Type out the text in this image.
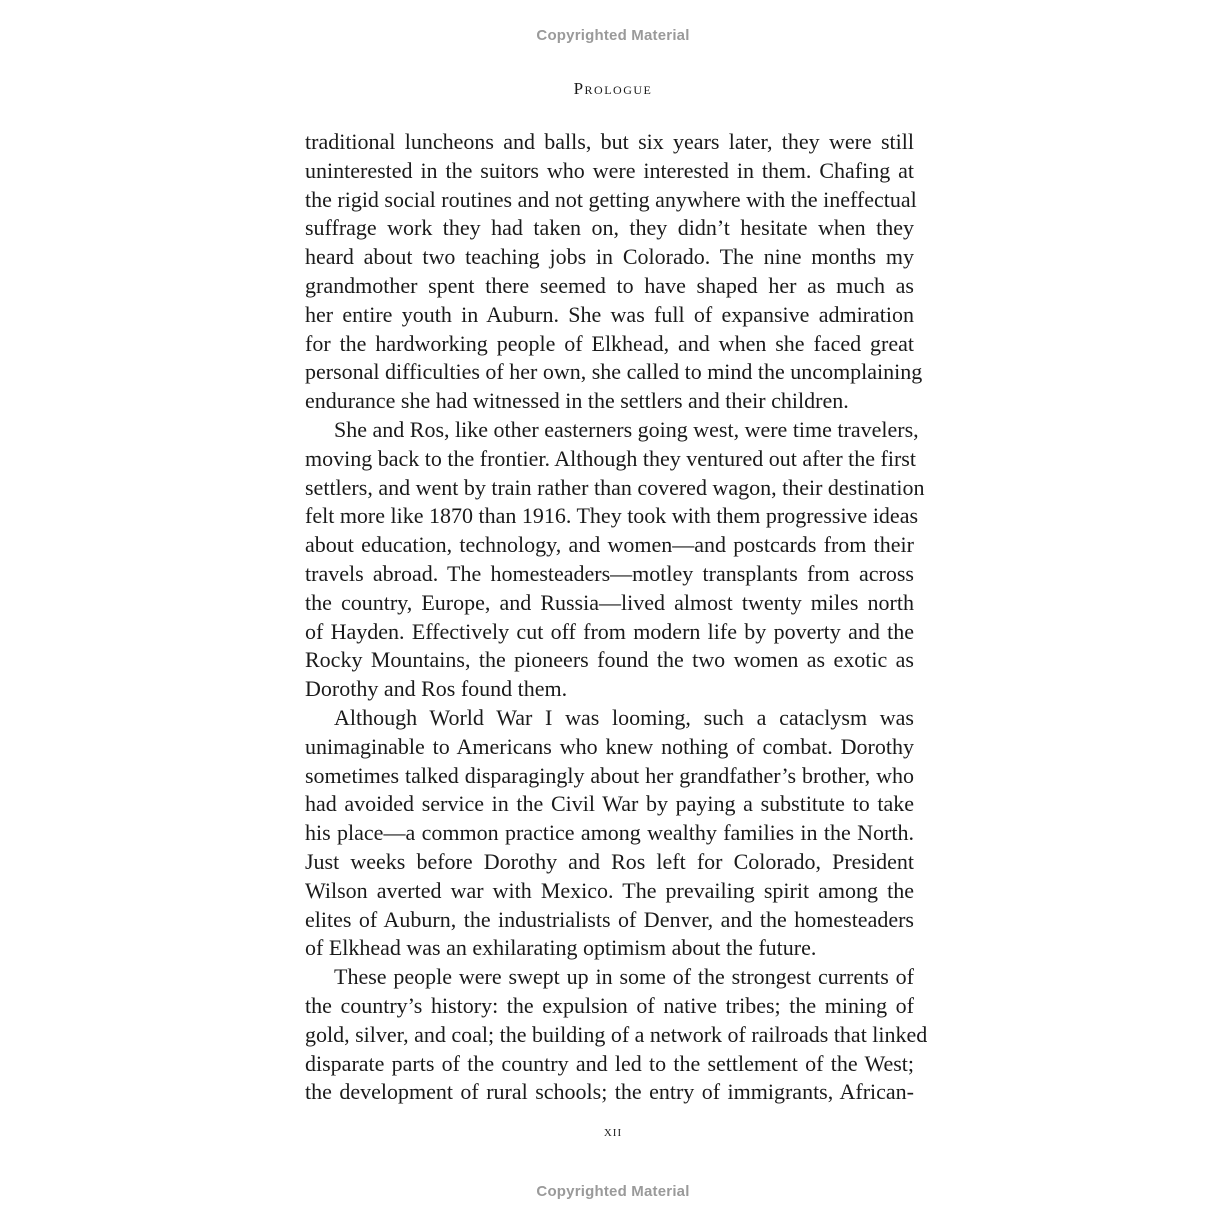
Copyrighted Material
Prologue
traditional luncheons and balls, but six years later, they were still
uninterested in the suitors who were interested in them. Chafing at
the rigid social routines and not getting anywhere with the ineffectual
suffrage work they had taken on, they didn’t hesitate when they
heard about two teaching jobs in Colorado. The nine months my
grandmother spent there seemed to have shaped her as much as
her entire youth in Auburn. She was full of expansive admiration
for the hardworking people of Elkhead, and when she faced great
personal difficulties of her own, she called to mind the uncomplaining
endurance she had witnessed in the settlers and their children.
She and Ros, like other easterners going west, were time travelers,
moving back to the frontier. Although they ventured out after the first
settlers, and went by train rather than covered wagon, their destination
felt more like 1870 than 1916. They took with them progressive ideas
about education, technology, and women—and postcards from their
travels abroad. The homesteaders—motley transplants from across
the country, Europe, and Russia—lived almost twenty miles north
of Hayden. Effectively cut off from modern life by poverty and the
Rocky Mountains, the pioneers found the two women as exotic as
Dorothy and Ros found them.
Although World War I was looming, such a cataclysm was
unimaginable to Americans who knew nothing of combat. Dorothy
sometimes talked disparagingly about her grandfather’s brother, who
had avoided service in the Civil War by paying a substitute to take
his place—a common practice among wealthy families in the North.
Just weeks before Dorothy and Ros left for Colorado, President
Wilson averted war with Mexico. The prevailing spirit among the
elites of Auburn, the industrialists of Denver, and the homesteaders
of Elkhead was an exhilarating optimism about the future.
These people were swept up in some of the strongest currents of
the country’s history: the expulsion of native tribes; the mining of
gold, silver, and coal; the building of a network of railroads that linked
disparate parts of the country and led to the settlement of the West;
the development of rural schools; the entry of immigrants, African-
xii
Copyrighted Material
